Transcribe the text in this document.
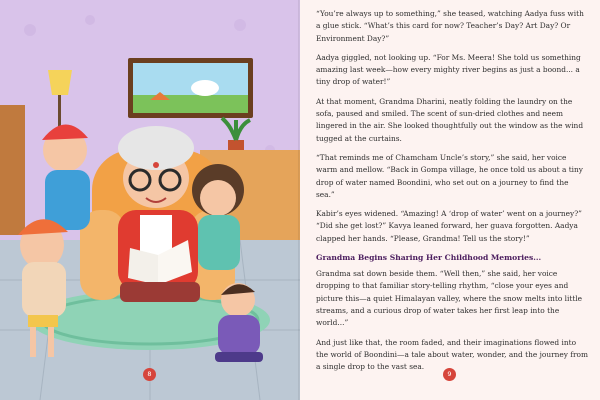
8

“You’re always up to something,” she teased, watching Aadya fuss with a glue stick. “What’s this card for now? Teacher’s Day? Art Day? Or Environment Day?”

Aadya giggled, not looking up. “For Ms. Meera! She told us something amazing last week—how every mighty river begins as just a boond... a tiny drop of water!”

At that moment, Grandma Dharini, neatly folding the laundry on the sofa, paused and smiled. The scent of sun-dried clothes and neem lingered in the air. She looked thoughtfully out the window as the wind tugged at the curtains.

“That reminds me of Chamcham Uncle’s story,” she said, her voice warm and mellow. “Back in Gompa village, he once told us about a tiny drop of water named Boondini, who set out on a journey to find the sea.”

Kabir’s eyes widened. “Amazing! A ‘drop of water’ went on a journey?” “Did she get lost?” Kavya leaned forward, her guava forgotten. Aadya clapped her hands. “Please, Grandma! Tell us the story!”

Grandma Begins Sharing Her Childhood Memories...

Grandma sat down beside them. “Well then,” she said, her voice dropping to that familiar story-telling rhythm, “close your eyes and picture this—a quiet Himalayan valley, where the snow melts into little streams, and a curious drop of water takes her first leap into the world...”

And just like that, the room faded, and their imaginations flowed into the world of Boondini—a tale about water, wonder, and the journey from a single drop to the vast sea.

9
